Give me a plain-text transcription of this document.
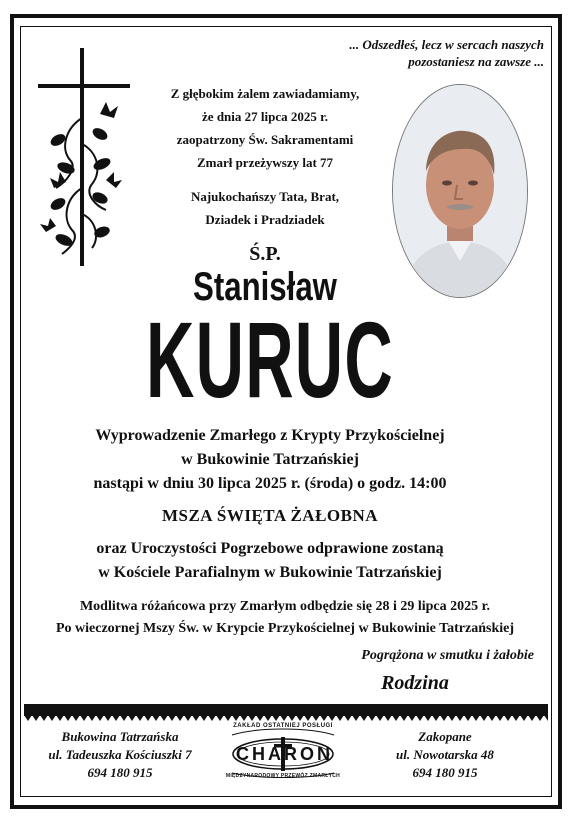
... Odszedłeś, lecz w sercach naszych
pozostaniesz na zawsze ...
Z głębokim żalem zawiadamiamy,
że dnia 27 lipca 2025 r.
zaopatrzony Św. Sakramentami
Zmarł przeżywszy lat 77
Najukochańszy Tata, Brat,
Dziadek i Pradziadek
Ś.P.
Stanisław
KURUC
Wyprowadzenie Zmarłego z Krypty Przykościelnej
w Bukowinie Tatrzańskiej
nastąpi w dniu 30 lipca 2025 r. (środa) o godz. 14:00
MSZA ŚWIĘTA ŻAŁOBNA
oraz Uroczystości Pogrzebowe odprawione zostaną
w Kościele Parafialnym w Bukowinie Tatrzańskiej
Modlitwa różańcowa przy Zmarłym odbędzie się 28 i 29 lipca 2025 r.
Po wieczornej Mszy Św. w Krypcie Przykościelnej w Bukowinie Tatrzańskiej
Pogrążona w smutku i żałobie
Rodzina
Bukowina Tatrzańska
ul. Tadeuszka Kościuszki 7
694 180 915
ZAKŁAD OSTATNIEJ POSŁUGI
CHARON
MIĘDZYNARODOWY PRZEWÓZ ZMARŁYCH
Zakopane
ul. Nowotarska 48
694 180 915
